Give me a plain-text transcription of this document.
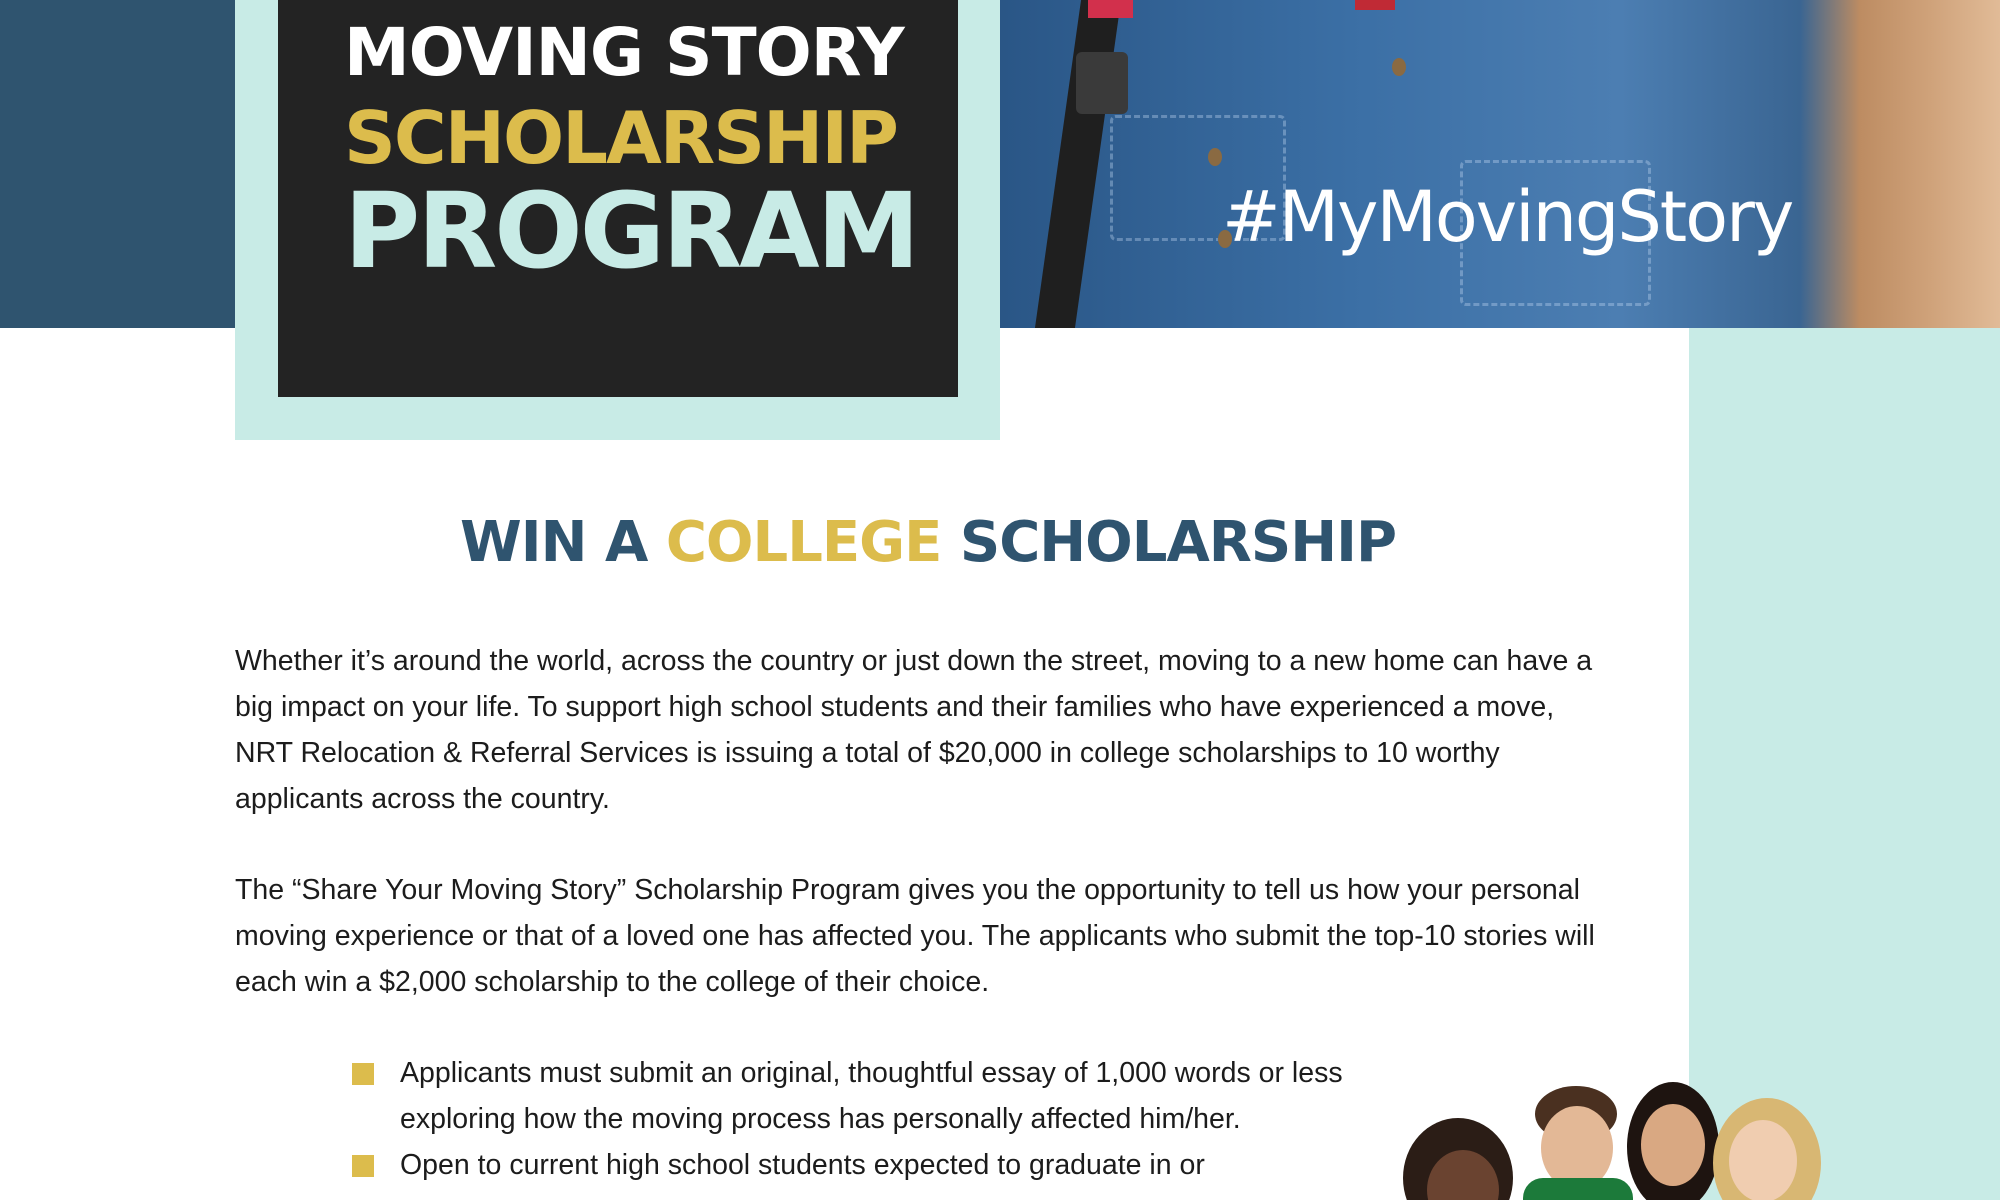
#MyMovingStory

MOVING STORY

SCHOLARSHIP

PROGRAM

WIN A COLLEGE SCHOLARSHIP

Whether it’s around the world, across the country or just down the street, moving to a new home can have a big impact on your life. To support high school students and their families who have experienced a move, NRT Relocation & Referral Services is issuing a total of $20,000 in college scholarships to 10 worthy applicants across the country.

The “Share Your Moving Story” Scholarship Program gives you the opportunity to tell us how your personal moving experience or that of a loved one has affected you. The applicants who submit the top-10 stories will each win a $2,000 scholarship to the college of their choice.

Applicants must submit an original, thoughtful essay of 1,000 words or less exploring how the moving process has personally affected him/her.
Open to current high school students expected to graduate in or
